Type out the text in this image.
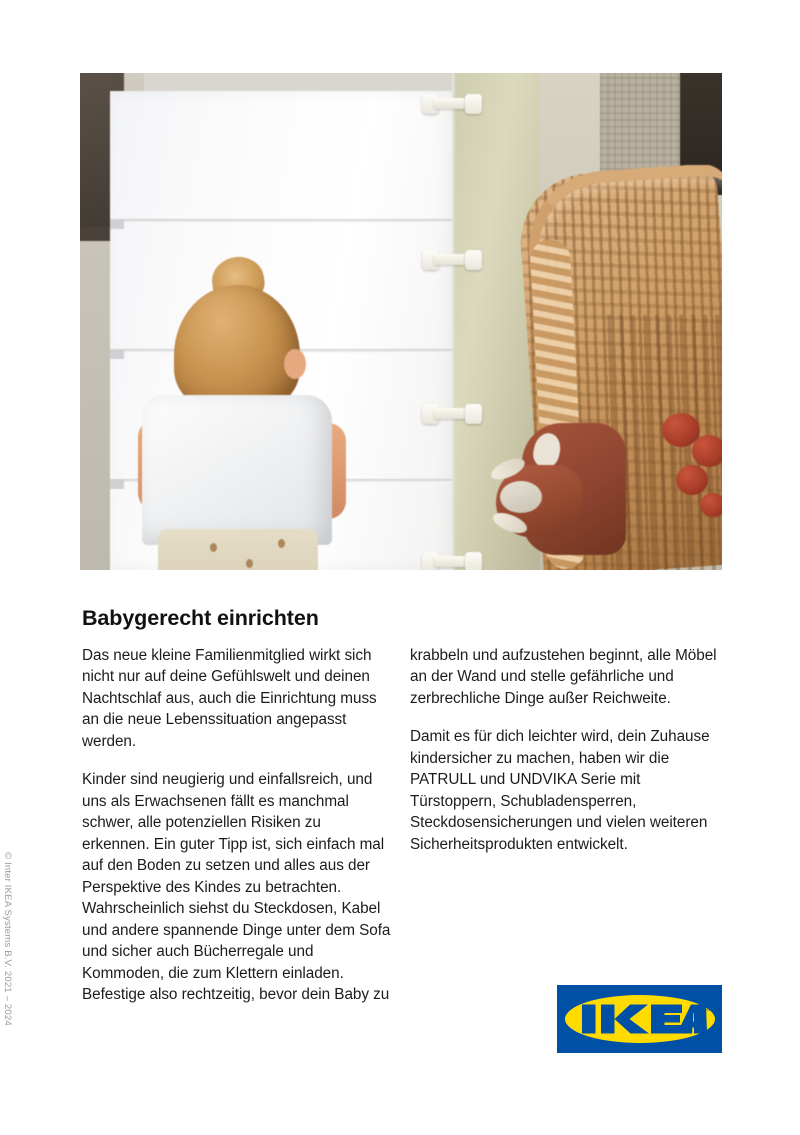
Babygerecht einrichten

Das neue kleine Familienmitglied wirkt sich nicht nur auf deine Gefühlswelt und deinen Nachtschlaf aus, auch die Einrichtung muss an die neue Lebenssituation angepasst werden.

Kinder sind neugierig und einfallsreich, und uns als Erwachsenen fällt es manchmal schwer, alle potenziellen Risiken zu erkennen. Ein guter Tipp ist, sich einfach mal auf den Boden zu setzen und alles aus der Perspektive des Kindes zu betrachten. Wahrscheinlich siehst du Steckdosen, Kabel und andere spannende Dinge unter dem Sofa und sicher auch Bücherregale und Kommoden, die zum Klettern einladen. Befestige also rechtzeitig, bevor dein Baby zu

krabbeln und aufzustehen beginnt, alle Möbel an der Wand und stelle gefährliche und zerbrechliche Dinge außer Reichweite.

Damit es für dich leichter wird, dein Zuhause kindersicher zu machen, haben wir die PATRULL und UNDVIKA Serie mit Türstoppern, Schubladensperren, Steckdosensicherungen und vielen weiteren Sicherheitsprodukten entwickelt.

© Inter IKEA Systems B.V. 2021 – 2024	®
